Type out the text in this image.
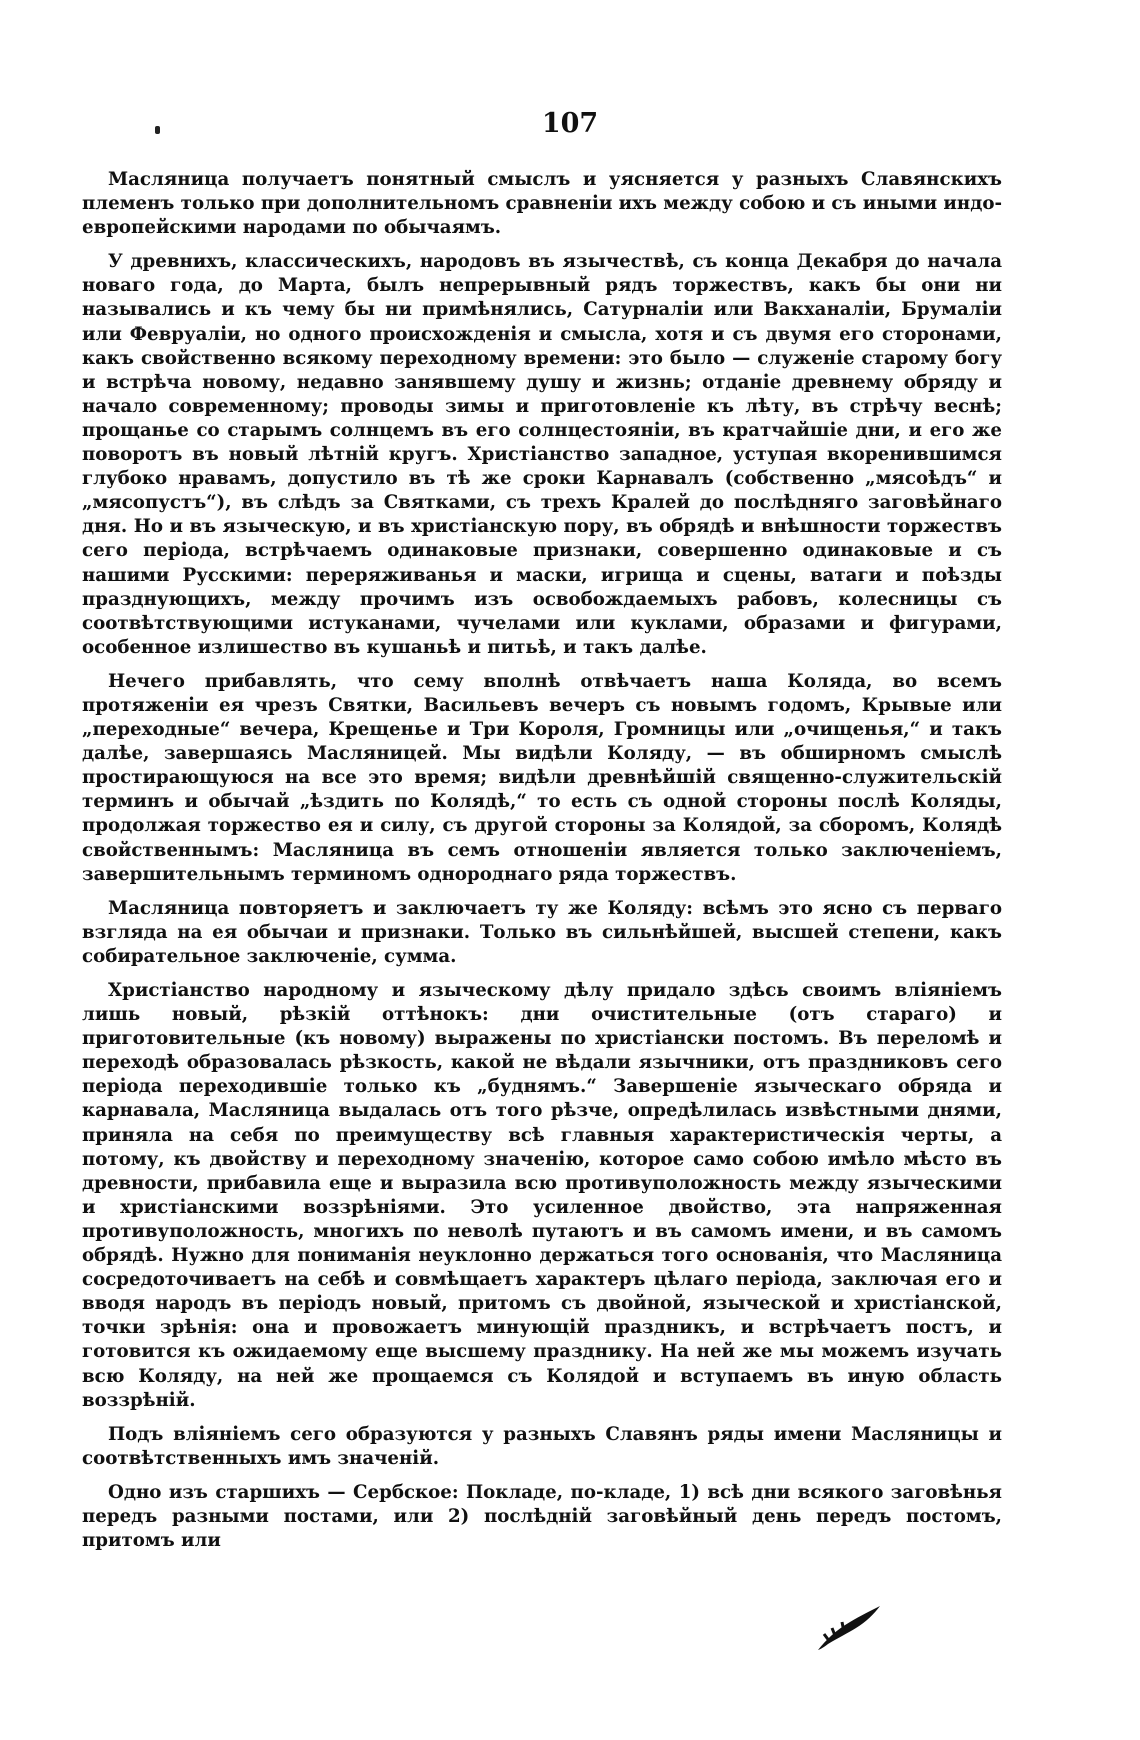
107

Масляница получаетъ понятный смыслъ и уясняется у разныхъ Славянскихъ племенъ только при дополнительномъ сравненіи ихъ между собою и съ иными индо-европейскими народами по обычаямъ.

У древнихъ, классическихъ, народовъ въ язычествѣ, съ конца Декабря до начала новаго года, до Марта, былъ непрерывный рядъ торжествъ, какъ бы они ни назывались и къ чему бы ни примѣнялись, Сатурналіи или Вакханаліи, Брумаліи или Февруаліи, но одного происхожденія и смысла, хотя и съ двумя его сторонами, какъ свойственно всякому переходному времени: это было — служеніе старому богу и встрѣча новому, недавно занявшему душу и жизнь; отданіе древнему обряду и начало современному; проводы зимы и приготовленіе къ лѣту, въ стрѣчу веснѣ; прощанье со старымъ солнцемъ въ его солнцестояніи, въ кратчайшіе дни, и его же поворотъ въ новый лѣтній кругъ. Христіанство западное, уступая вкоренившимся глубоко нравамъ, допустило въ тѣ же сроки Карнавалъ (собственно „мясоѣдъ“ и „мясопустъ“), въ слѣдъ за Святками, съ трехъ Кралей до послѣдняго заговѣйнаго дня. Но и въ языческую, и въ христіанскую пору, въ обрядѣ и внѣшности торжествъ сего періода, встрѣчаемъ одинаковые признаки, совершенно одинаковые и съ нашими Русскими: переряживанья и маски, игрища и сцены, ватаги и поѣзды празднующихъ, между прочимъ изъ освобождаемыхъ рабовъ, колесницы съ соотвѣтствующими истуканами, чучелами или куклами, образами и фигурами, особенное излишество въ кушаньѣ и питьѣ, и такъ далѣе.

Нечего прибавлять, что сему вполнѣ отвѣчаетъ наша Коляда, во всемъ протяженіи ея чрезъ Святки, Васильевъ вечеръ съ новымъ годомъ, Крывые или „переходные“ вечера, Крещенье и Три Короля, Громницы или „очищенья,“ и такъ далѣе, завершаясь Масляницей. Мы видѣли Коляду, — въ обширномъ смыслѣ простирающуюся на все это время; видѣли древнѣйшій священно-служительскій терминъ и обычай „ѣздить по Колядѣ,“ то есть съ одной стороны послѣ Коляды, продолжая торжество ея и силу, съ другой стороны за Колядой, за сборомъ, Колядѣ свойственнымъ: Масляница въ семъ отношеніи является только заключеніемъ, завершительнымъ терминомъ однороднаго ряда торжествъ.

Масляница повторяетъ и заключаетъ ту же Коляду: всѣмъ это ясно съ перваго взгляда на ея обычаи и признаки. Только въ сильнѣйшей, высшей степени, какъ собирательное заключеніе, сумма.

Христіанство народному и языческому дѣлу придало здѣсь своимъ вліяніемъ лишь новый, рѣзкій оттѣнокъ: дни очистительные (отъ стараго) и приготовительные (къ новому) выражены по христіански постомъ. Въ переломѣ и переходѣ образовалась рѣзкость, какой не вѣдали язычники, отъ праздниковъ сего періода переходившіе только къ „буднямъ.“ Завершеніе языческаго обряда и карнавала, Масляница выдалась отъ того рѣзче, опредѣлилась извѣстными днями, приняла на себя по преимуществу всѣ главныя характеристическія черты, а потому, къ двойству и переходному значенію, которое само собою имѣло мѣсто въ древности, прибавила еще и выразила всю противуположность между языческими и христіанскими воззрѣніями. Это усиленное двойство, эта напряженная противуположность, многихъ по неволѣ путаютъ и въ самомъ имени, и въ самомъ обрядѣ. Нужно для пониманія неуклонно держаться того основанія, что Масляница сосредоточиваетъ на себѣ и совмѣщаетъ характеръ цѣлаго періода, заключая его и вводя народъ въ періодъ новый, притомъ съ двойной, языческой и христіанской, точки зрѣнія: она и провожаетъ минующій праздникъ, и встрѣчаетъ постъ, и готовится къ ожидаемому еще высшему празднику. На ней же мы можемъ изучать всю Коляду, на ней же прощаемся съ Колядой и вступаемъ въ иную область воззрѣній.

Подъ вліяніемъ сего образуются у разныхъ Славянъ ряды имени Масляницы и соотвѣтственныхъ имъ значеній.

Одно изъ старшихъ — Сербское: Покладе, по-кладе, 1) всѣ дни всякого заговѣнья передъ разными постами, или 2) послѣдній заговѣйный день передъ постомъ, притомъ или
